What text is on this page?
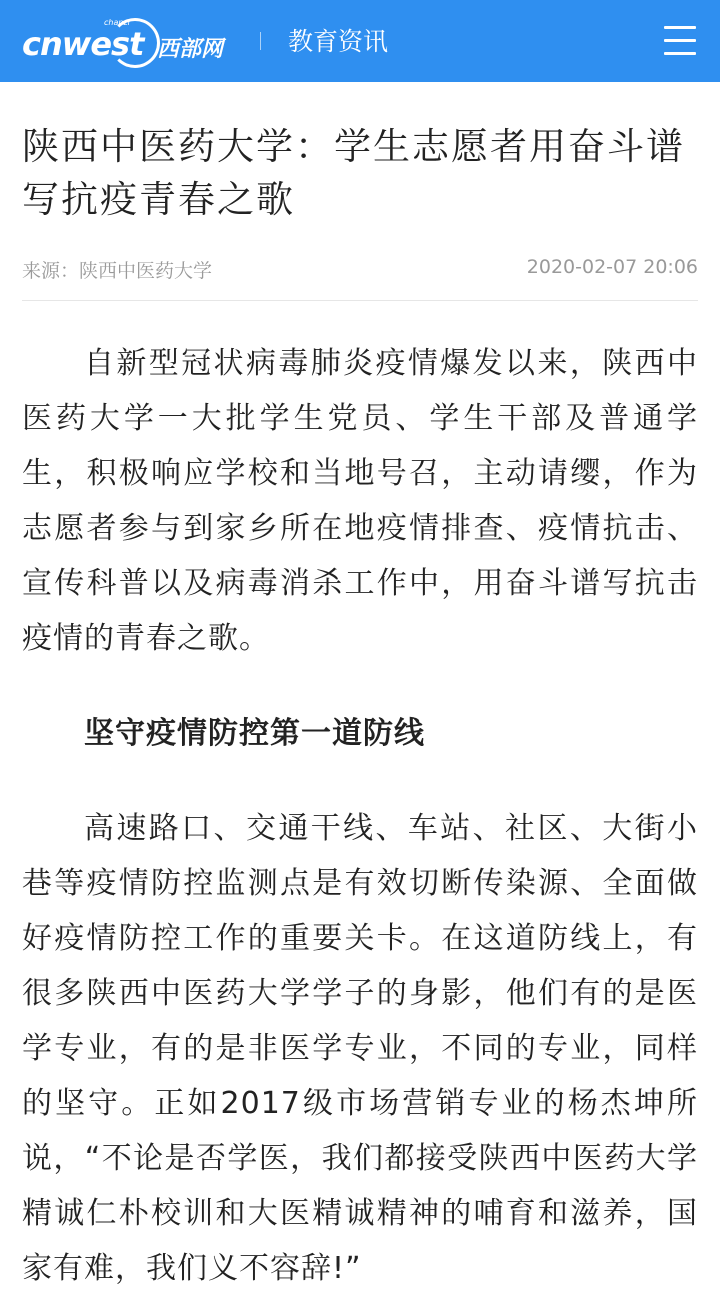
chanzi
cnwest 西部网	教育资讯
陕西中医药大学：学生志愿者用奋斗谱写抗疫青春之歌
来源：陕西中医药大学	2020-02-07 20:06

自新型冠状病毒肺炎疫情爆发以来，陕西中医药大学一大批学生党员、学生干部及普通学生，积极响应学校和当地号召，主动请缨，作为志愿者参与到家乡所在地疫情排查、疫情抗击、宣传科普以及病毒消杀工作中，用奋斗谱写抗击疫情的青春之歌。

坚守疫情防控第一道防线

高速路口、交通干线、车站、社区、大街小巷等疫情防控监测点是有效切断传染源、全面做好疫情防控工作的重要关卡。在这道防线上，有很多陕西中医药大学学子的身影，他们有的是医学专业，有的是非医学专业，不同的专业，同样的坚守。正如2017级市场营销专业的杨杰坤所说，“不论是否学医，我们都接受陕西中医药大学精诚仁朴校训和大医精诚精神的哺育和滋养，国家有难，我们义不容辞!”
